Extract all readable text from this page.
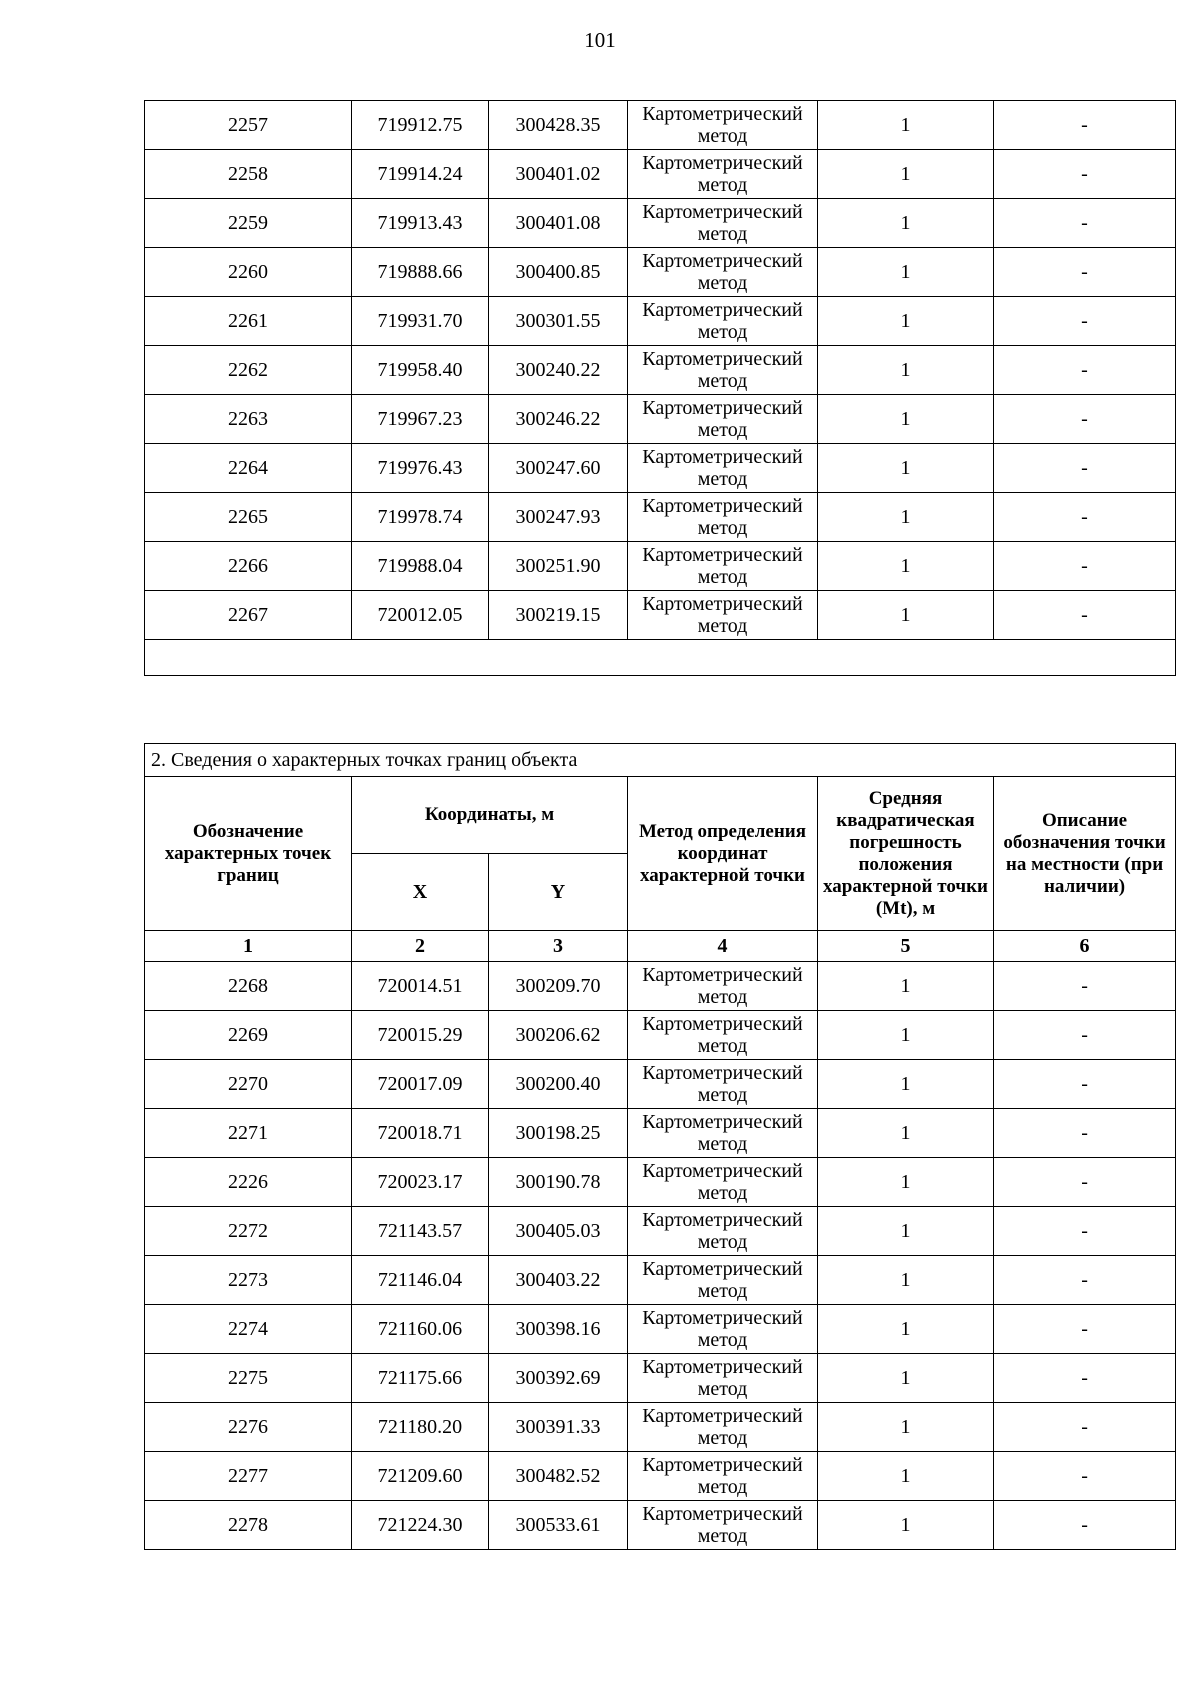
101
2257	719912.75	300428.35	Картометрический метод	1	-
2258	719914.24	300401.02	Картометрический метод	1	-
2259	719913.43	300401.08	Картометрический метод	1	-
2260	719888.66	300400.85	Картометрический метод	1	-
2261	719931.70	300301.55	Картометрический метод	1	-
2262	719958.40	300240.22	Картометрический метод	1	-
2263	719967.23	300246.22	Картометрический метод	1	-
2264	719976.43	300247.60	Картометрический метод	1	-
2265	719978.74	300247.93	Картометрический метод	1	-
2266	719988.04	300251.90	Картометрический метод	1	-
2267	720012.05	300219.15	Картометрический метод	1	-

2. Сведения о характерных точках границ объекта					
Обозначение характерных точек границ	Координаты, м		Метод определения координат характерной точки	Средняя квадратическая погрешность положения характерной точки (Mt), м	Описание обозначения точки на местности (при наличии)
	X	Y			
1	2	3	4	5	6
2268	720014.51	300209.70	Картометрический метод	1	-
2269	720015.29	300206.62	Картометрический метод	1	-
2270	720017.09	300200.40	Картометрический метод	1	-
2271	720018.71	300198.25	Картометрический метод	1	-
2226	720023.17	300190.78	Картометрический метод	1	-
2272	721143.57	300405.03	Картометрический метод	1	-
2273	721146.04	300403.22	Картометрический метод	1	-
2274	721160.06	300398.16	Картометрический метод	1	-
2275	721175.66	300392.69	Картометрический метод	1	-
2276	721180.20	300391.33	Картометрический метод	1	-
2277	721209.60	300482.52	Картометрический метод	1	-
2278	721224.30	300533.61	Картометрический метод	1	-
